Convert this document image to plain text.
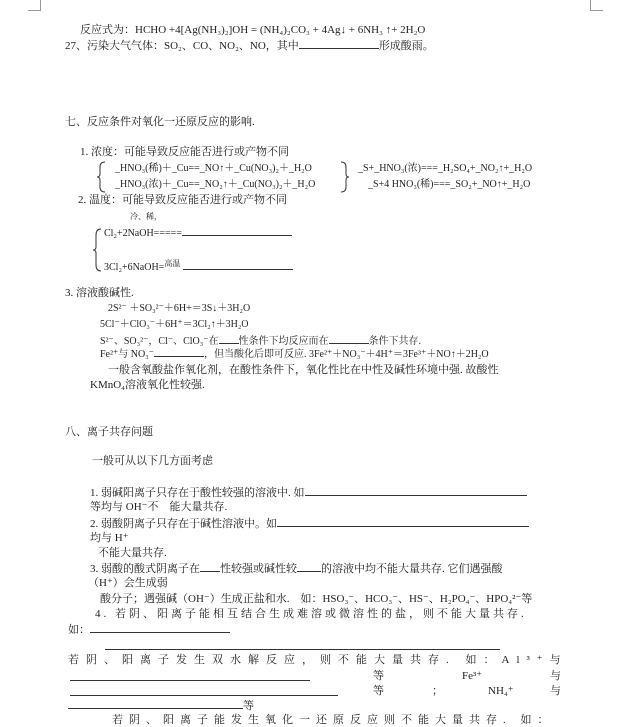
反应式为：HCHO +4[Ag(NH₃)₂]OH = (NH₄)₂CO₃ + 4Ag↓ + 6NH₃ ↑+ 2H₂O
27、污染大气气体：SO₂、CO、NO₂、NO，其中	形成酸雨。
七、反应条件对氧化一还原反应的影响.
1. 浓度：可能导致反应能否进行或产物不同
_HNO₃(稀)＋_Cu==_NO↑＋_Cu(NO₃)₂＋_H₂O
_HNO₃(浓)＋_Cu==_NO₂↑＋_Cu(NO₃)₂＋_H₂O
_S+_HNO₃(浓)===_H₂SO₄+_NO₂↑+_H₂O
_S+4 HNO₃(稀)===_SO₂+_NO↑+_H₂O
2. 温度：可能导致反应能否进行或产物不同
冷、稀，
Cl₂+2NaOH=====
3Cl₂+6NaOH=$^{高温}$
3. 溶液酸碱性.
2S²⁻ ＋SO₃²⁻＋6H+＝3S↓＋3H₂O
5Cl⁻＋ClO₃⁻＋6H⁺＝3Cl₂↑＋3H₂O
S²⁻、SO₃²⁻，Cl⁻、ClO₃⁻在 性条件下均反应而在	条件下共存.
Fe²⁺与 NO₃⁻	，但当酸化后即可反应. 3Fe²⁺＋NO₃⁻＋4H⁺＝3Fe³⁺＋NO↑＋2H₂O
一般含氧酸盐作氧化剂，在酸性条件下，氧化性比在中性及碱性环境中强. 故酸性
KMnO₄溶液氧化性较强.
八、离子共存问题
一般可从以下几方面考虑
1. 弱碱阳离子只存在于酸性较强的溶液中. 如
等均与 OH⁻不　能大量共存.
2. 弱酸阴离子只存在于碱性溶液中。如
均与 H⁺
不能大量共存.
3. 弱酸的酸式阴离子在 性较强或碱性较 的溶液中均不能大量共存. 它们遇强酸
（H⁺）会生成弱
酸分子；遇强碱（OH⁻）生成正盐和水.　如：HSO₃⁻、HCO₃⁻、HS⁻、H₂PO₄⁻、HPO₄²⁻等
4. 若阴、阳离子能相互结合生成难溶或微溶性的盐，则不能大量共存.
如：
若阴、阳离子发生双水解反应，则不能大量共存. 如：Al³⁺与
等	Fe³⁺	与
等	；	NH₄⁺	与
等
若阴、阳离子能发生氧化一还原反应则不能大量共存. 如：
